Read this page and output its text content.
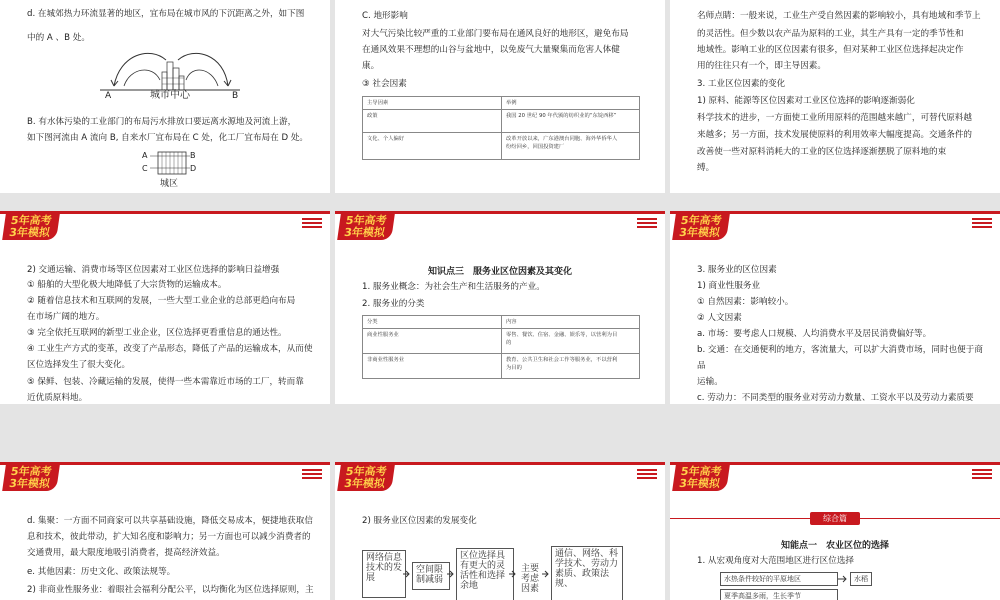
d. 在城郊热力环流显著的地区，宜布局在城市风的下沉距离之外，如下图
中的 A 、B 处。
A	城市中心	B
B. 有水体污染的工业部门的布局污水排放口要远离水源地及河流上游，
如下图河流由 A 流向 B, 自来水厂宜布局在 C 处，化工厂宜布局在 D 处。
A	B
C	D
城区
C. 地形影响
对大气污染比较严重的工业部门要布局在通风良好的地形区，避免布局
在通风效果不理想的山谷与盆地中，以免废气大量聚集而危害人体健
康。
③ 社会因素
主导因素	举例
政策	我国 20 世纪 90 年代颁的纺织业的“东锭西移”
文化、个人偏好	改革开放以来，广东港澳台同胞、海外华侨华人
纷纷回乡，回国投资建厂
名师点睛：一般来说，工业生产受自然因素的影响较小，具有地域和季节上
的灵活性。但少数以农产品为原料的工业，其生产具有一定的季节性和
地域性。影响工业的区位因素有很多，但对某种工业区位选择起决定作
用的往往只有一个，即主导因素。
3. 工业区位因素的变化
1) 原料、能源等区位因素对工业区位选择的影响逐渐弱化
科学技术的进步，一方面使工业所用原料的范围越来越广，可替代原料越
来越多；另一方面，技术发展使原料的利用效率大幅度提高。交通条件的
改善使一些对原料消耗大的工业的区位选择逐渐摆脱了原料地的束
缚。
5年高考
3年模拟
2) 交通运输、消费市场等区位因素对工业区位选择的影响日益增强
① 船舶的大型化极大地降低了大宗货物的运输成本。
② 随着信息技术和互联网的发展，一些大型工业企业的总部更趋向布局
在市场广阔的地方。
③ 完全依托互联网的新型工业企业，区位选择更看重信息的通达性。
④ 工业生产方式的变革，改变了产品形态，降低了产品的运输成本，从而使
区位选择发生了很大变化。
⑤ 保鲜、包装、冷藏运输的发展，使得一些本需靠近市场的工厂，转而靠
近优质原料地。
5年高考
3年模拟
知识点三　服务业区位因素及其变化
1. 服务业概念：为社会生产和生活服务的产业。
2. 服务业的分类
分类	内容
商业性服务业	零售、餐饮、住宿、金融、娱乐等，以营利为目
的

非商业性服务业	教育、公共卫生和社会工作等服务业，不以营利
为目的
5年高考
3年模拟
3. 服务业的区位因素
1) 商业性服务业
① 自然因素：影响较小。
② 人文因素
a. 市场：要考虑人口规模、人均消费水平及居民消费偏好等。
b. 交通：在交通便利的地方，客流量大，可以扩大消费市场，同时也便于商
品
运输。
c. 劳动力：不同类型的服务业对劳动力数量、工资水平以及劳动力素质要
5年高考
3年模拟
d. 集聚：一方面不同商家可以共享基础设施，降低交易成本，便捷地获取信
息和技术，彼此带动，扩大知名度和影响力；另一方面也可以减少消费者的
交通费用，最大限度地吸引消费者，提高经济效益。
e. 其他因素：历史文化、政策法规等。
2) 非商业性服务业：着眼社会福利分配公平，以均衡化为区位选择原则，主
5年高考
3年模拟
2) 服务业区位因素的发展变化
网络信息技术的发展
空间限制减弱
区位选择具有更大的灵活性和选择余地
主要考虑因素
通信、网络、科学技术、劳动力素质、政策法规、
5年高考
3年模拟
综合篇
知能点一　农业区位的选择
1. 从宏观角度对大范围地区进行区位选择
水热条件较好的平原地区	水稻
夏季高温多雨，生长季节
